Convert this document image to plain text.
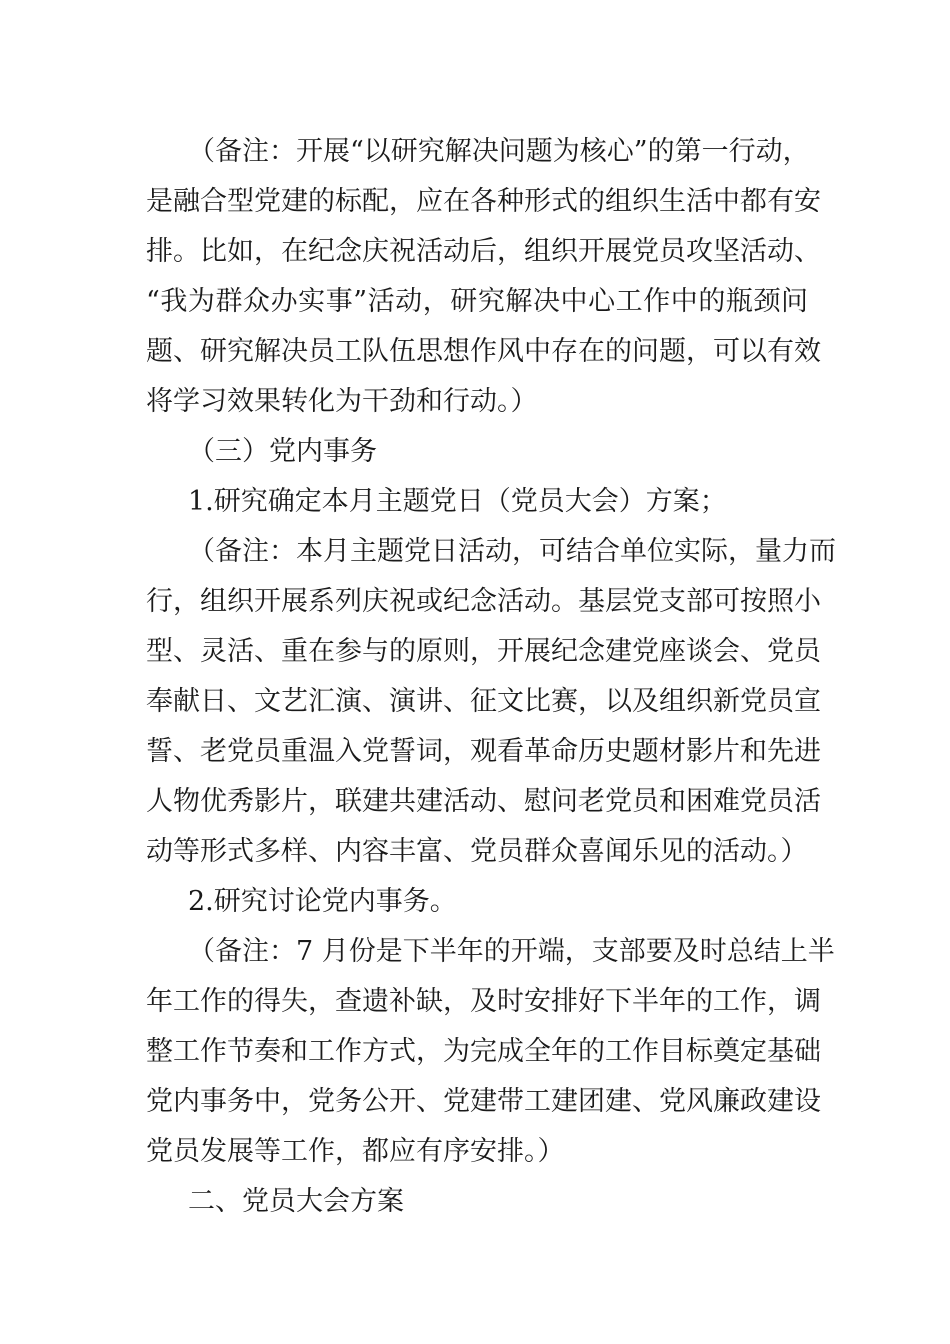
（备注：开展“以研究解决问题为核心”的第一行动，
是融合型党建的标配，应在各种形式的组织生活中都有安
排。比如，在纪念庆祝活动后，组织开展党员攻坚活动、
“我为群众办实事”活动，研究解决中心工作中的瓶颈问
题、研究解决员工队伍思想作风中存在的问题，可以有效
将学习效果转化为干劲和行动。）
（三）党内事务
1.研究确定本月主题党日（党员大会）方案；
（备注：本月主题党日活动，可结合单位实际，量力而
行，组织开展系列庆祝或纪念活动。基层党支部可按照小
型、灵活、重在参与的原则，开展纪念建党座谈会、党员
奉献日、文艺汇演、演讲、征文比赛，以及组织新党员宣
誓、老党员重温入党誓词，观看革命历史题材影片和先进
人物优秀影片，联建共建活动、慰问老党员和困难党员活
动等形式多样、内容丰富、党员群众喜闻乐见的活动。）
2.研究讨论党内事务。
（备注：7 月份是下半年的开端，支部要及时总结上半
年工作的得失，查遗补缺，及时安排好下半年的工作，调
整工作节奏和工作方式，为完成全年的工作目标奠定基础
党内事务中，党务公开、党建带工建团建、党风廉政建设
党员发展等工作，都应有序安排。）
二、党员大会方案
